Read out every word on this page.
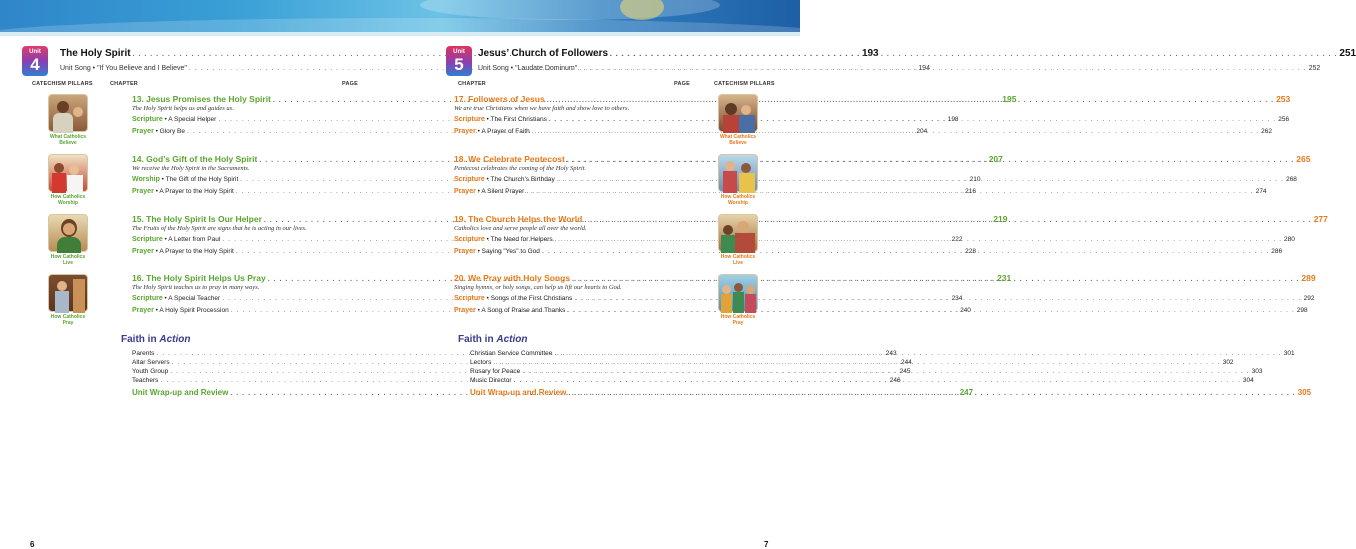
Unit
4
The Holy Spirit . . .	193
Unit Song • "If You Believe and I Believe" . . .	194
CATECHISM PILLARS	CHAPTER	PAGE
What Catholics
Believe
How Catholics
Worship
How Catholics
Live
How Catholics
Pray
13. Jesus Promises the Holy Spirit . . .	195
The Holy Spirit helps us and guides us.
Scripture • A Special Helper . . .	198
Prayer • Glory Be . . .	204
14. God’s Gift of the Holy Spirit . . .	207
We receive the Holy Spirit in the Sacraments.
Worship • The Gift of the Holy Spirit . . .	210
Prayer • A Prayer to the Holy Spirit . . .	216
15. The Holy Spirit Is Our Helper . . .	219
The Fruits of the Holy Spirit are signs that he is acting in our lives.
Scripture • A Letter from Paul . . .	222
Prayer • A Prayer to the Holy Spirit . . .	228
16. The Holy Spirit Helps Us Pray . . .	231
The Holy Spirit teaches us to pray in many ways.
Scripture • A Special Teacher . . .	234
Prayer • A Holy Spirit Procession . . .	240
Faith in Action
Parents . . .	243
Altar Servers . . .	244
Youth Group . . .	245
Teachers . . .	246
Unit Wrap-up and Review . . .	247
6
Unit
5
Jesus’ Church of Followers . . .	251
Unit Song • "Laudate Dominum" . . .	252
CHAPTER	PAGE	CATECHISM PILLARS
17. Followers of Jesus . . .	253
We are true Christians when we have faith and show love to others.
Scripture • The First Christians . . .	256
Prayer • A Prayer of Faith . . .	262
18. We Celebrate Pentecost . . .	265
Pentecost celebrates the coming of the Holy Spirit.
Scripture • The Church’s Birthday . . .	268
Prayer • A Silent Prayer . . .	274
19. The Church Helps the World . . .	277
Catholics love and serve people all over the world.
Scripture • The Need for Helpers . . .	280
Prayer • Saying "Yes" to God . . .	286
20. We Pray with Holy Songs . . .	289
Singing hymns, or holy songs, can help us lift our hearts to God.
Scripture • Songs of the First Christians . . .	292
Prayer • A Song of Praise and Thanks . . .	298
What Catholics
Believe
How Catholics
Worship
How Catholics
Live
How Catholics
Pray
Faith in Action
Christian Service Committee . . .	301
Lectors . . .	302
Rosary for Peace . . .	303
Music Director . . .	304
Unit Wrap-up and Review . . .	305
7
